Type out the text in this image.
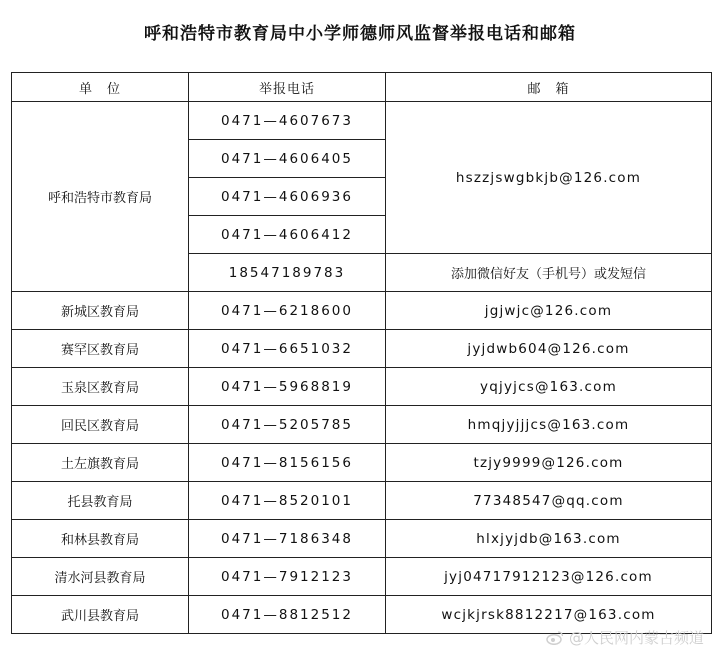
呼和浩特市教育局中小学师德师风监督举报电话和邮箱
单　位	举报电话	邮　箱
呼和浩特市教育局	0471—4607673	hszzjswgbkjb@126.com
	0471—4606405	
	0471—4606936	
	0471—4606412	
	18547189783	添加微信好友（手机号）或发短信
新城区教育局	0471—6218600	jgjwjc@126.com
赛罕区教育局	0471—6651032	jyjdwb604@126.com
玉泉区教育局	0471—5968819	yqjyjcs@163.com
回民区教育局	0471—5205785	hmqjyjjjcs@163.com
土左旗教育局	0471—8156156	tzjy9999@126.com
托县教育局	0471—8520101	77348547@qq.com
和林县教育局	0471—7186348	hlxjyjdb@163.com
清水河县教育局	0471—7912123	jyj04717912123@126.com
武川县教育局	0471—8812512	wcjkjrsk8812217@163.com
@人民网内蒙古频道
